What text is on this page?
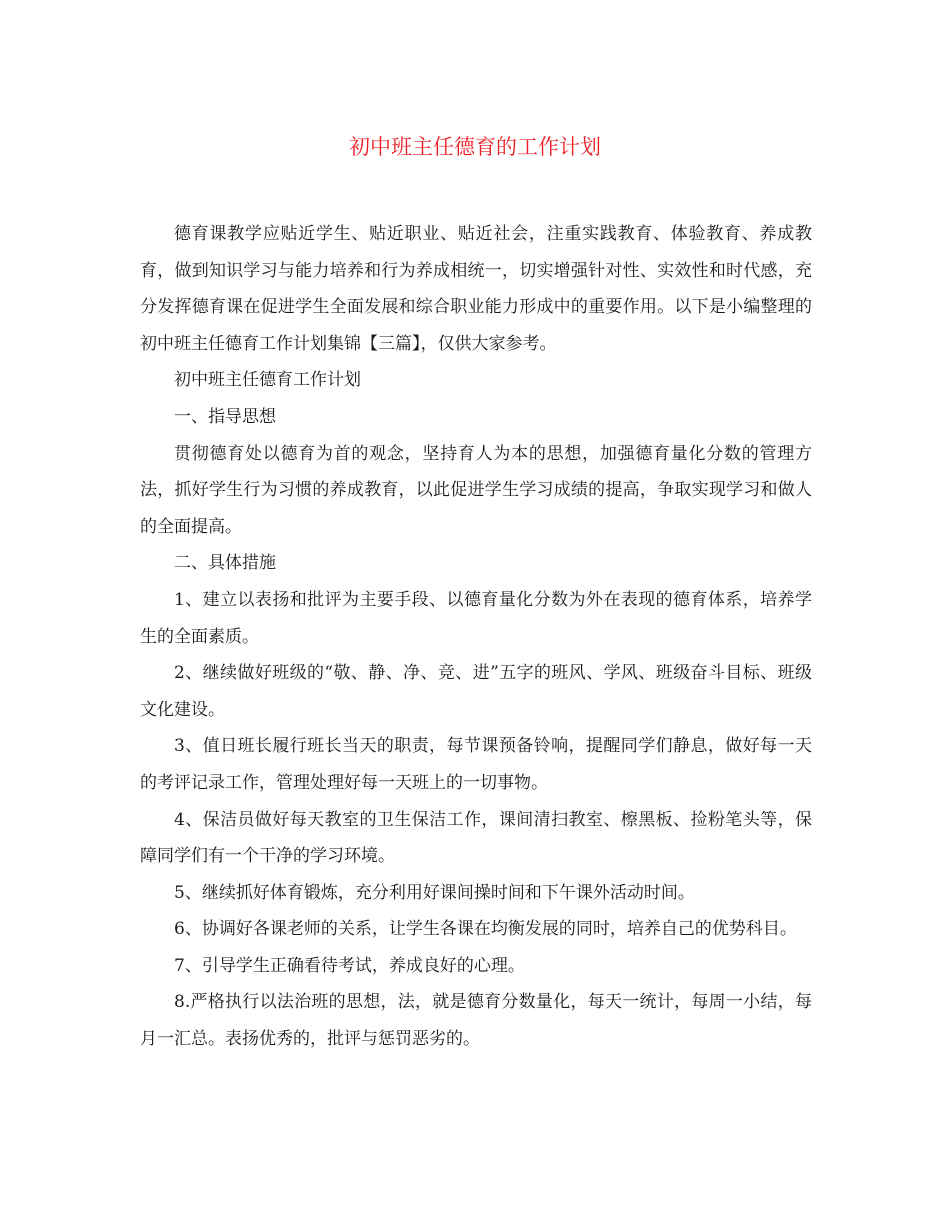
初中班主任德育的工作计划

德育课教学应贴近学生、贴近职业、贴近社会，注重实践教育、体验教育、养成教育，做到知识学习与能力培养和行为养成相统一，切实增强针对性、实效性和时代感，充分发挥德育课在促进学生全面发展和综合职业能力形成中的重要作用。以下是小编整理的初中班主任德育工作计划集锦【三篇】，仅供大家参考。

初中班主任德育工作计划

一、指导思想

贯彻德育处以德育为首的观念，坚持育人为本的思想，加强德育量化分数的管理方法，抓好学生行为习惯的养成教育，以此促进学生学习成绩的提高，争取实现学习和做人的全面提高。

二、具体措施

1、建立以表扬和批评为主要手段、以德育量化分数为外在表现的德育体系，培养学生的全面素质。

2、继续做好班级的“敬、静、净、竞、进”五字的班风、学风、班级奋斗目标、班级文化建设。

3、值日班长履行班长当天的职责，每节课预备铃响，提醒同学们静息，做好每一天的考评记录工作，管理处理好每一天班上的一切事物。

4、保洁员做好每天教室的卫生保洁工作，课间清扫教室、檫黑板、捡粉笔头等，保障同学们有一个干净的学习环境。

5、继续抓好体育锻炼，充分利用好课间操时间和下午课外活动时间。

6、协调好各课老师的关系，让学生各课在均衡发展的同时，培养自己的优势科目。

7、引导学生正确看待考试，养成良好的心理。

8.严格执行以法治班的思想，法，就是德育分数量化，每天一统计，每周一小结，每月一汇总。表扬优秀的，批评与惩罚恶劣的。
